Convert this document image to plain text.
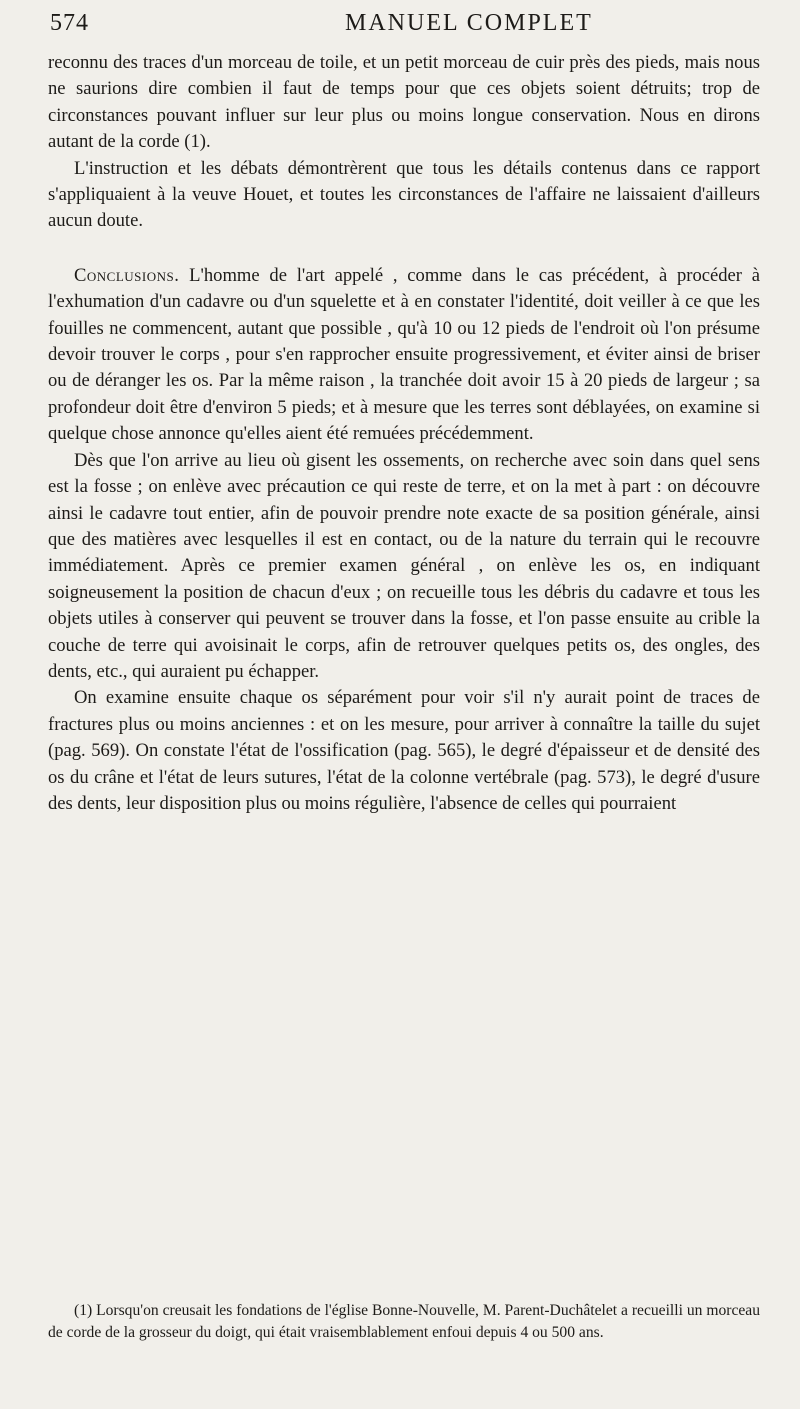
574	MANUEL COMPLET

reconnu des traces d'un morceau de toile, et un petit morceau de cuir près des pieds, mais nous ne saurions dire combien il faut de temps pour que ces objets soient détruits; trop de circonstances pouvant influer sur leur plus ou moins longue conservation. Nous en dirons autant de la corde (1).

L'instruction et les débats démontrèrent que tous les détails contenus dans ce rapport s'appliquaient à la veuve Houet, et toutes les circonstances de l'affaire ne laissaient d'ailleurs aucun doute.

Conclusions. L'homme de l'art appelé , comme dans le cas précédent, à procéder à l'exhumation d'un cadavre ou d'un squelette et à en constater l'identité, doit veiller à ce que les fouilles ne commencent, autant que possible , qu'à 10 ou 12 pieds de l'endroit où l'on présume devoir trouver le corps , pour s'en rapprocher ensuite progressivement, et éviter ainsi de briser ou de déranger les os. Par la même raison , la tranchée doit avoir 15 à 20 pieds de largeur ; sa profondeur doit être d'environ 5 pieds; et à mesure que les terres sont déblayées, on examine si quelque chose annonce qu'elles aient été remuées précédemment.

Dès que l'on arrive au lieu où gisent les ossements, on recherche avec soin dans quel sens est la fosse ; on enlève avec précaution ce qui reste de terre, et on la met à part : on découvre ainsi le cadavre tout entier, afin de pouvoir prendre note exacte de sa position générale, ainsi que des matières avec lesquelles il est en contact, ou de la nature du terrain qui le recouvre immédiatement. Après ce premier examen général , on enlève les os, en indiquant soigneusement la position de chacun d'eux ; on recueille tous les débris du cadavre et tous les objets utiles à conserver qui peuvent se trouver dans la fosse, et l'on passe ensuite au crible la couche de terre qui avoisinait le corps, afin de retrouver quelques petits os, des ongles, des dents, etc., qui auraient pu échapper.

On examine ensuite chaque os séparément pour voir s'il n'y aurait point de traces de fractures plus ou moins anciennes : et on les mesure, pour arriver à connaître la taille du sujet (pag. 569). On constate l'état de l'ossification (pag. 565), le degré d'épaisseur et de densité des os du crâne et l'état de leurs sutures, l'état de la colonne vertébrale (pag. 573), le degré d'usure des dents, leur disposition plus ou moins régulière, l'absence de celles qui pourraient

(1) Lorsqu'on creusait les fondations de l'église Bonne-Nouvelle, M. Parent-Duchâtelet a recueilli un morceau de corde de la grosseur du doigt, qui était vraisemblablement enfoui depuis 4 ou 500 ans.
